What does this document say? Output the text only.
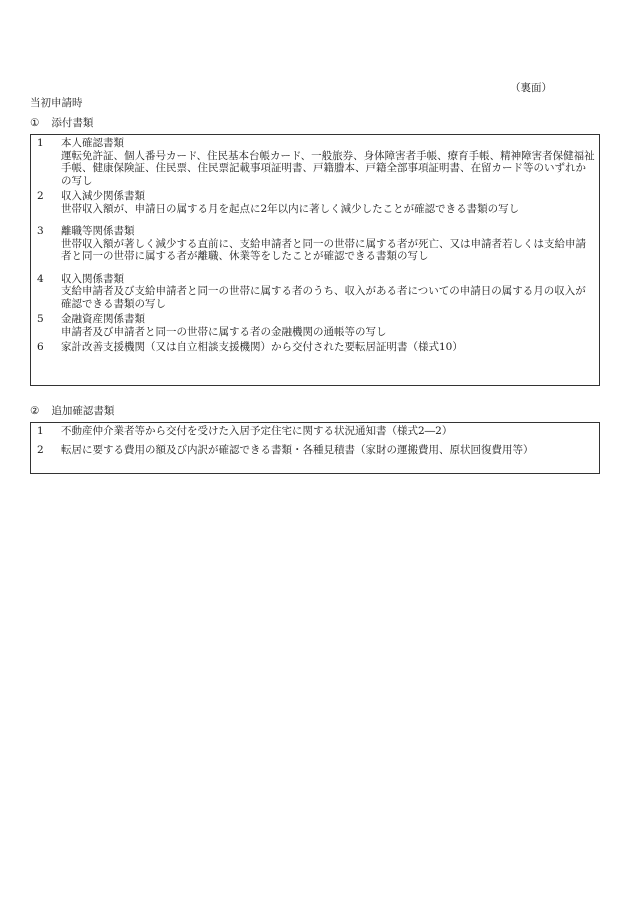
（裏面）
当初申請時
① 添付書類
1	本人確認書類
運転免許証、個人番号カード、住民基本台帳カード、一般旅券、身体障害者手帳、療育手帳、精神障害者保健福祉手帳、健康保険証、住民票、住民票記載事項証明書、戸籍謄本、戸籍全部事項証明書、在留カード等のいずれかの写し
2	収入減少関係書類
世帯収入額が、申請日の属する月を起点に2年以内に著しく減少したことが確認できる書類の写し
3	離職等関係書類
世帯収入額が著しく減少する直前に、支給申請者と同一の世帯に属する者が死亡、又は申請者若しくは支給申請者と同一の世帯に属する者が離職、休業等をしたことが確認できる書類の写し
4	収入関係書類
支給申請者及び支給申請者と同一の世帯に属する者のうち、収入がある者についての申請日の属する月の収入が確認できる書類の写し
5	金融資産関係書類
申請者及び申請者と同一の世帯に属する者の金融機関の通帳等の写し
6	家計改善支援機関（又は自立相談支援機関）から交付された要転居証明書（様式10）
② 追加確認書類
1	不動産仲介業者等から交付を受けた入居予定住宅に関する状況通知書（様式2―2）
2	転居に要する費用の額及び内訳が確認できる書類・各種見積書（家財の運搬費用、原状回復費用等）
